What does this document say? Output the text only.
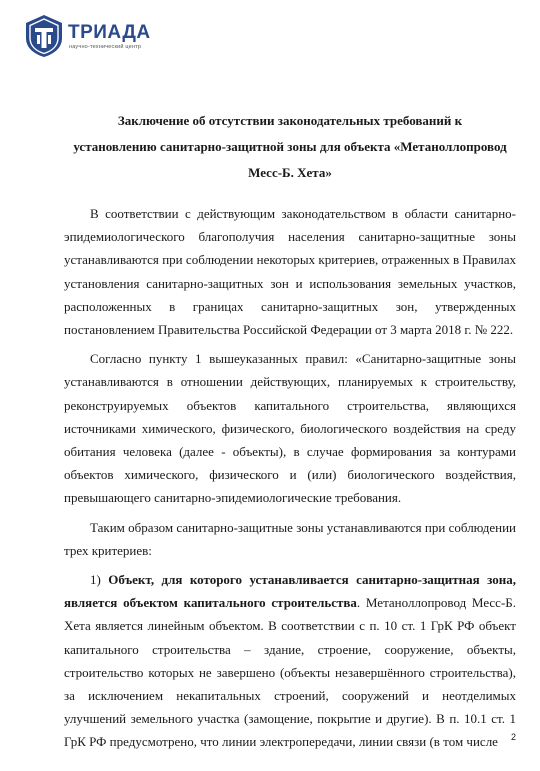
ТРИАДА
научно-технический центр
Заключение об отсутствии законодательных требований к
установлению санитарно-защитной зоны для объекта «Метаноллопровод
Месс-Б. Хета»

В соответствии с действующим законодательством в области санитарно-эпидемиологического благополучия населения санитарно-защитные зоны устанавливаются при соблюдении некоторых критериев, отраженных в Правилах установления санитарно-защитных зон и использования земельных участков, расположенных в границах санитарно-защитных зон, утвержденных постановлением Правительства Российской Федерации от 3 марта 2018 г. № 222.

Согласно пункту 1 вышеуказанных правил: «Санитарно-защитные зоны устанавливаются в отношении действующих, планируемых к строительству, реконструируемых объектов капитального строительства, являющихся источниками химического, физического, биологического воздействия на среду обитания человека (далее - объекты), в случае формирования за контурами объектов химического, физического и (или) биологического воздействия, превышающего санитарно-эпидемиологические требования.

Таким образом санитарно-защитные зоны устанавливаются при соблюдении трех критериев:

1) Объект, для которого устанавливается санитарно-защитная зона, является объектом капитального строительства. Метаноллопровод Месс-Б. Хета является линейным объектом. В соответствии с п. 10 ст. 1 ГрК РФ объект капитального строительства – здание, строение, сооружение, объекты, строительство которых не завершено (объекты незавершённого строительства), за исключением некапитальных строений, сооружений и неотделимых улучшений земельного участка (замощение, покрытие и другие). В п. 10.1 ст. 1 ГрК РФ предусмотрено, что линии электропередачи, линии связи (в том числе	2
